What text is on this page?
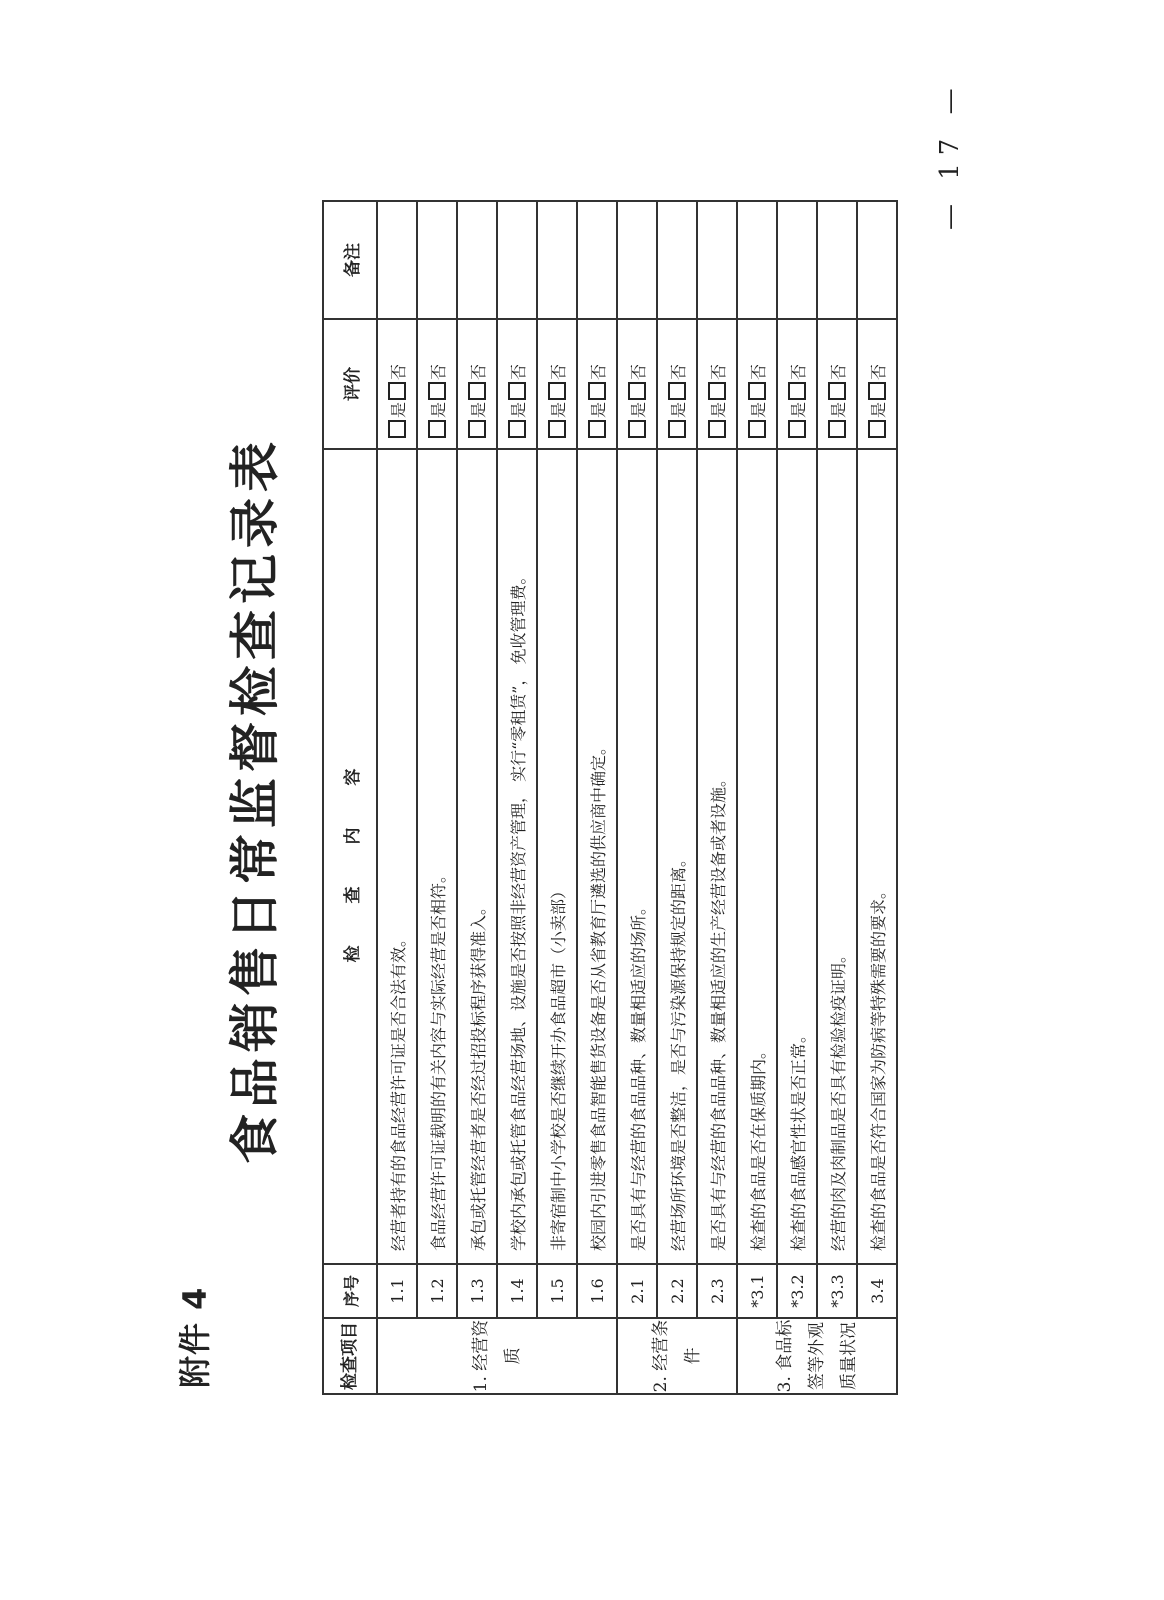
附件 4
食品销售日常监督检查记录表
检查项目	序号	检 查 内 容	评价	备注
1. 经营资质	1.1	经营者持有的食品经营许可证是否合法有效。	是否	
	1.2	食品经营许可证载明的有关内容与实际经营是否相符。	是否	
	1.3	承包或托管经营者是否经过招投标程序获得准入。	是否	
	1.4	学校内承包或托管食品经营场地、设施是否按照非经营资产管理， 实行“零租赁”， 免收管理费。	是否	
	1.5	非寄宿制中小学校是否继续开办食品超市（小卖部）	是否	
	1.6	校园内引进零售食品智能售货设备是否从省教育厅遴选的供应商中确定。	是否	
2. 经营条件	2.1	是否具有与经营的食品品种、数量相适应的场所。	是否	
	2.2	经营场所环境是否整洁，是否与污染源保持规定的距离。	是否	
	2.3	是否具有与经营的食品品种、数量相适应的生产经营设备或者设施。	是否	
3. 食品标签等外观质量状况	*3.1	检查的食品是否在保质期内。	是否	
	*3.2	检查的食品感官性状是否正常。	是否	
	*3.3	经营的肉及肉制品是否具有检验检疫证明。	是否	
	3.4	检查的食品是否符合国家为防病等特殊需要的要求。	是否	
— 17 —
